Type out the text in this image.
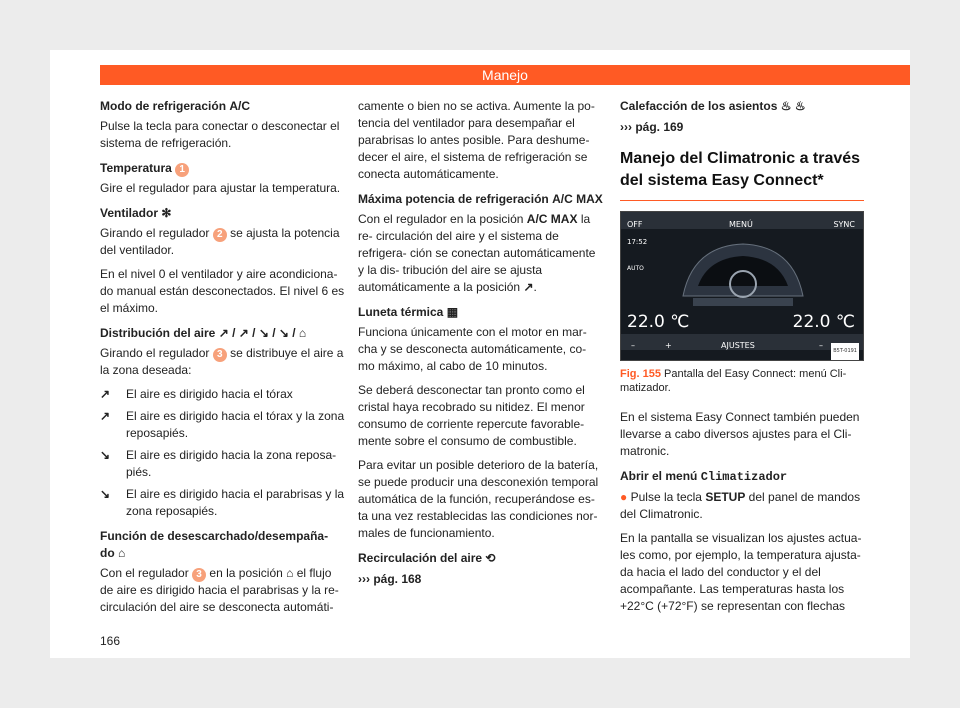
Manejo
Modo de refrigeración A/C

Pulse la tecla para conectar o desconectar el sistema de refrigeración.

Temperatura 1

Gire el regulador para ajustar la temperatura.

Ventilador ✻

Girando el regulador 2 se ajusta la potencia del ventilador.

En el nivel 0 el ventilador y aire acondiciona- do manual están desconectados. El nivel 6 es el máximo.

Distribución del aire ↗ / ↗ / ↘ / ↘ / ⌂

Girando el regulador 3 se distribuye el aire a la zona deseada:

↗	El aire es dirigido hacia el tórax
↗	El aire es dirigido hacia el tórax y la zona reposapiés.
↘	El aire es dirigido hacia la zona reposa- piés.
↘	El aire es dirigido hacia el parabrisas y la zona reposapiés.
Función de desescarchado/desempaña- do ⌂

Con el regulador 3 en la posición ⌂ el flujo de aire es dirigido hacia el parabrisas y la re- circulación del aire se desconecta automáti-

camente o bien no se activa. Aumente la po- tencia del ventilador para desempañar el parabrisas lo antes posible. Para deshume- decer el aire, el sistema de refrigeración se conecta automáticamente.

Máxima potencia de refrigeración A/C MAX

Con el regulador en la posición A/C MAX la re- circulación del aire y el sistema de refrigera- ción se conectan automáticamente y la dis- tribución del aire se ajusta automáticamente a la posición ↗.

Luneta térmica ▦

Funciona únicamente con el motor en mar- cha y se desconecta automáticamente, co- mo máximo, al cabo de 10 minutos.

Se deberá desconectar tan pronto como el cristal haya recobrado su nitidez. El menor consumo de corriente repercute favorable- mente sobre el consumo de combustible.

Para evitar un posible deterioro de la batería, se puede producir una desconexión temporal automática de la función, recuperándose es- ta una vez restablecidas las condiciones nor- males de funcionamiento.

Recirculación del aire ⟲
››› pág. 168
Calefacción de los asientos ♨ ♨
››› pág. 169
Manejo del Climatronic a través del sistema Easy Connect*
OFF	MENÚ	SYNC
17:52
AUTO
22.0 ℃	22.0 ℃
–	+	AJUSTES	–
B5T-0191
Fig. 155 Pantalla del Easy Connect: menú Cli- matizador.

En el sistema Easy Connect también pueden llevarse a cabo diversos ajustes para el Cli- matronic.

Abrir el menú Climatizador

● Pulse la tecla SETUP del panel de mandos del Climatronic.

En la pantalla se visualizan los ajustes actua- les como, por ejemplo, la temperatura ajusta- da hacia el lado del conductor y el del acompañante. Las temperaturas hasta los +22°C (+72°F) se representan con flechas

166
